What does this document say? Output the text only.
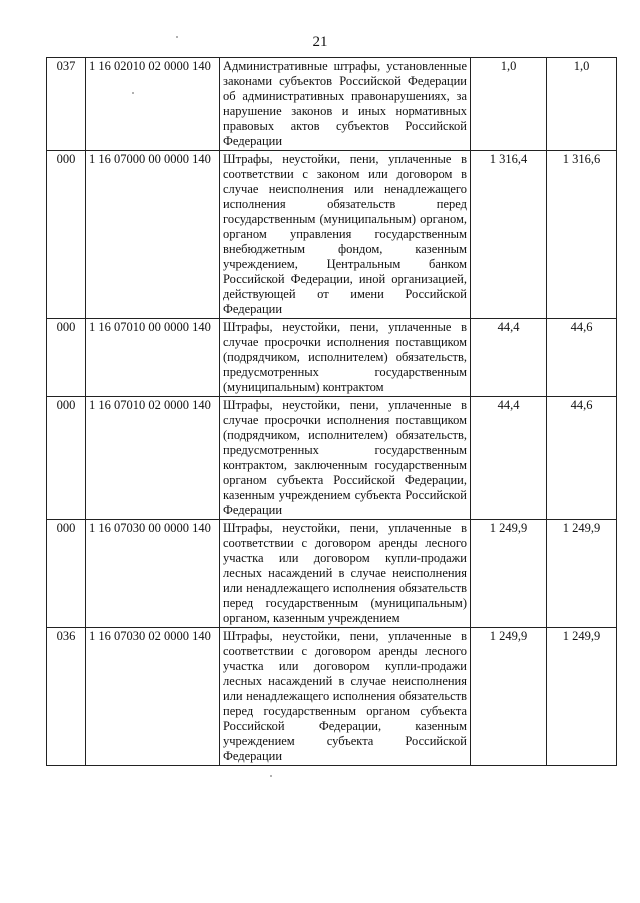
21
037	1 16 02010 02 0000 140	Административные штрафы, установленные законами субъектов Российской Федерации об административных правонарушениях, за нарушение законов и иных нормативных правовых актов субъектов Российской Федерации	1,0	1,0
000	1 16 07000 00 0000 140	Штрафы, неустойки, пени, уплаченные в соответствии с законом или договором в случае неисполнения или ненадлежащего исполнения обязательств перед государственным (муниципальным) органом, органом управления государственным внебюджетным фондом, казенным учреждением, Центральным банком Российской Федерации, иной организацией, действующей от имени Российской Федерации	1 316,4	1 316,6
000	1 16 07010 00 0000 140	Штрафы, неустойки, пени, уплаченные в случае просрочки исполнения поставщиком (подрядчиком, исполнителем) обязательств, предусмотренных государственным (муниципальным) контрактом	44,4	44,6
000	1 16 07010 02 0000 140	Штрафы, неустойки, пени, уплаченные в случае просрочки исполнения поставщиком (подрядчиком, исполнителем) обязательств, предусмотренных государственным контрактом, заключенным государственным органом субъекта Российской Федерации, казенным учреждением субъекта Российской Федерации	44,4	44,6
000	1 16 07030 00 0000 140	Штрафы, неустойки, пени, уплаченные в соответствии с договором аренды лесного участка или договором купли-продажи лесных насаждений в случае неисполнения или ненадлежащего исполнения обязательств перед государственным (муниципальным) органом, казенным учреждением	1 249,9	1 249,9
036	1 16 07030 02 0000 140	Штрафы, неустойки, пени, уплаченные в соответствии с договором аренды лесного участка или договором купли-продажи лесных насаждений в случае неисполнения или ненадлежащего исполнения обязательств перед государственным органом субъекта Российской Федерации, казенным учреждением субъекта Российской Федерации	1 249,9	1 249,9
